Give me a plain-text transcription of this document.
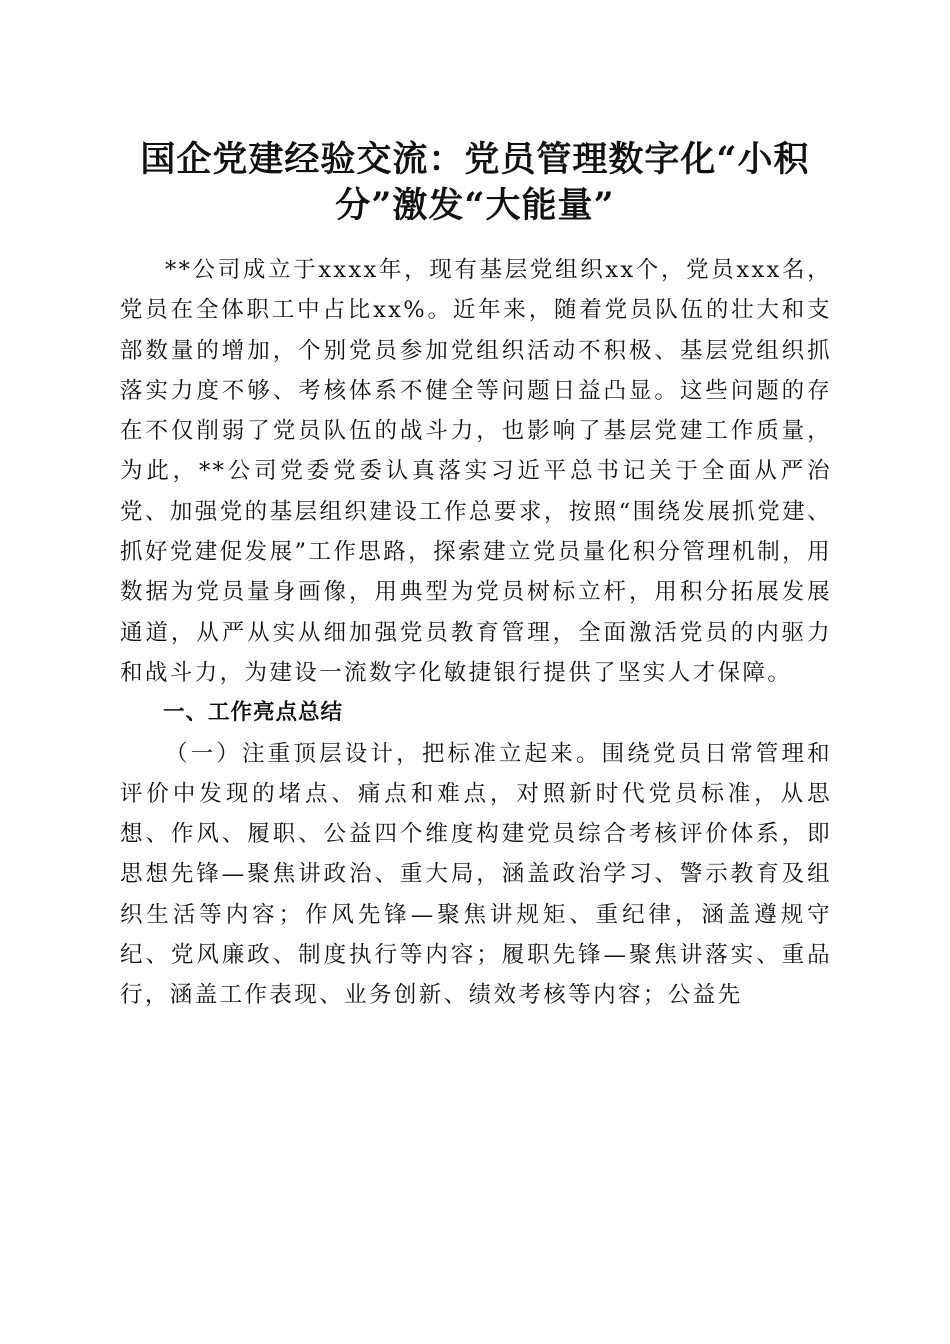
国企党建经验交流：党员管理数字化“小积
分”激发“大能量”

**公司成立于xxxx年，现有基层党组织xx个，党员xxx名，党员在全体职工中占比xx%。近年来，随着党员队伍的壮大和支部数量的增加，个别党员参加党组织活动不积极、基层党组织抓落实力度不够、考核体系不健全等问题日益凸显。这些问题的存在不仅削弱了党员队伍的战斗力，也影响了基层党建工作质量，为此，**公司党委党委认真落实习近平总书记关于全面从严治党、加强党的基层组织建设工作总要求，按照“围绕发展抓党建、抓好党建促发展”工作思路，探索建立党员量化积分管理机制，用数据为党员量身画像，用典型为党员树标立杆，用积分拓展发展通道，从严从实从细加强党员教育管理，全面激活党员的内驱力和战斗力，为建设一流数字化敏捷银行提供了坚实人才保障。

一、工作亮点总结

（一）注重顶层设计，把标准立起来。围绕党员日常管理和评价中发现的堵点、痛点和难点，对照新时代党员标准，从思想、作风、履职、公益四个维度构建党员综合考核评价体系，即思想先锋—聚焦讲政治、重大局，涵盖政治学习、警示教育及组织生活等内容；作风先锋—聚焦讲规矩、重纪律，涵盖遵规守纪、党风廉政、制度执行等内容；履职先锋—聚焦讲落实、重品行，涵盖工作表现、业务创新、绩效考核等内容；公益先
